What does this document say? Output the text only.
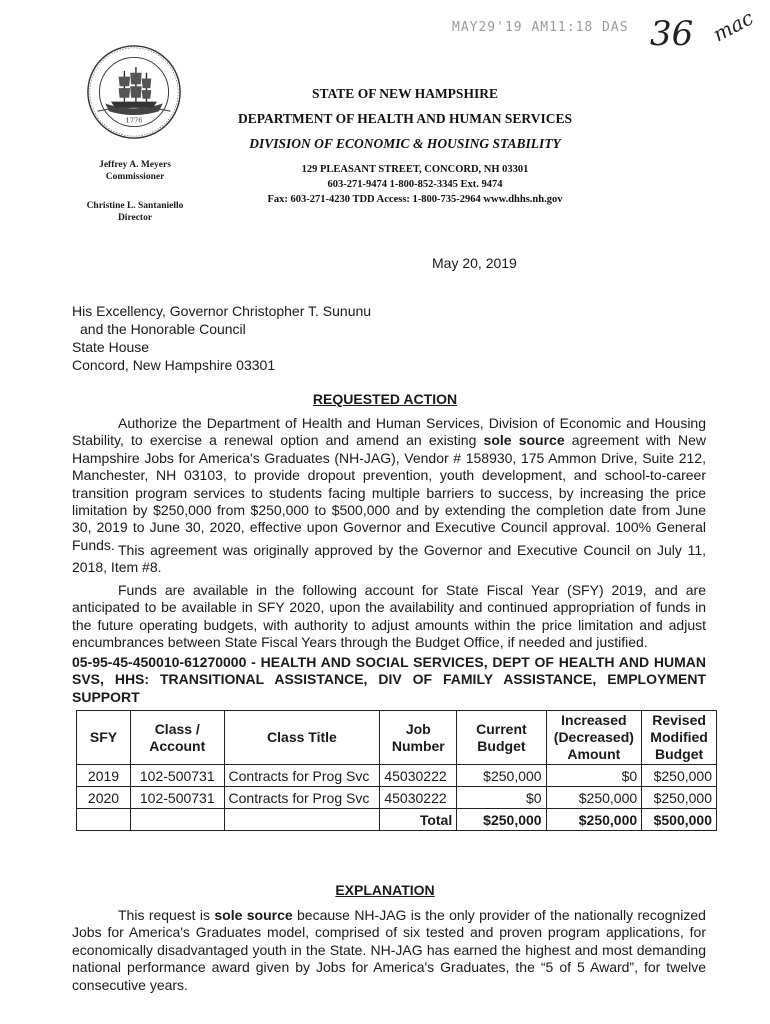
MAY29'19 AM11:18 DAS 36 mac
1776
STATE OF NEW HAMPSHIRE
DEPARTMENT OF HEALTH AND HUMAN SERVICES
DIVISION OF ECONOMIC & HOUSING STABILITY
129 PLEASANT STREET, CONCORD, NH 03301
603-271-9474 1-800-852-3345 Ext. 9474
Fax: 603-271-4230 TDD Access: 1-800-735-2964 www.dhhs.nh.gov
Jeffrey A. Meyers
Commissioner
Christine L. Santaniello
Director
May 20, 2019
His Excellency, Governor Christopher T. Sununu
and the Honorable Council
State House
Concord, New Hampshire 03301
REQUESTED ACTION
Authorize the Department of Health and Human Services, Division of Economic and Housing Stability, to exercise a renewal option and amend an existing sole source agreement with New Hampshire Jobs for America's Graduates (NH-JAG), Vendor # 158930, 175 Ammon Drive, Suite 212, Manchester, NH 03103, to provide dropout prevention, youth development, and school-to-career transition program services to students facing multiple barriers to success, by increasing the price limitation by $250,000 from $250,000 to $500,000 and by extending the completion date from June 30, 2019 to June 30, 2020, effective upon Governor and Executive Council approval. 100% General Funds. This agreement was originally approved by the Governor and Executive Council on July 11, 2018, Item #8.
Funds are available in the following account for State Fiscal Year (SFY) 2019, and are anticipated to be available in SFY 2020, upon the availability and continued appropriation of funds in the future operating budgets, with authority to adjust amounts within the price limitation and adjust encumbrances between State Fiscal Years through the Budget Office, if needed and justified.
05-95-45-450010-61270000 - HEALTH AND SOCIAL SERVICES, DEPT OF HEALTH AND HUMAN SVS, HHS: TRANSITIONAL ASSISTANCE, DIV OF FAMILY ASSISTANCE, EMPLOYMENT SUPPORT
SFY	Class / Account	Class Title	Job Number	Current Budget	Increased (Decreased) Amount	Revised Modified Budget
2019	102-500731	Contracts for Prog Svc	45030222	$250,000	$0	$250,000
2020	102-500731	Contracts for Prog Svc	45030222	$0	$250,000	$250,000
			Total	$250,000	$250,000	$500,000
EXPLANATION
This request is sole source because NH-JAG is the only provider of the nationally recognized Jobs for America's Graduates model, comprised of six tested and proven program applications, for economically disadvantaged youth in the State. NH-JAG has earned the highest and most demanding national performance award given by Jobs for America's Graduates, the “5 of 5 Award”, for twelve consecutive years.
